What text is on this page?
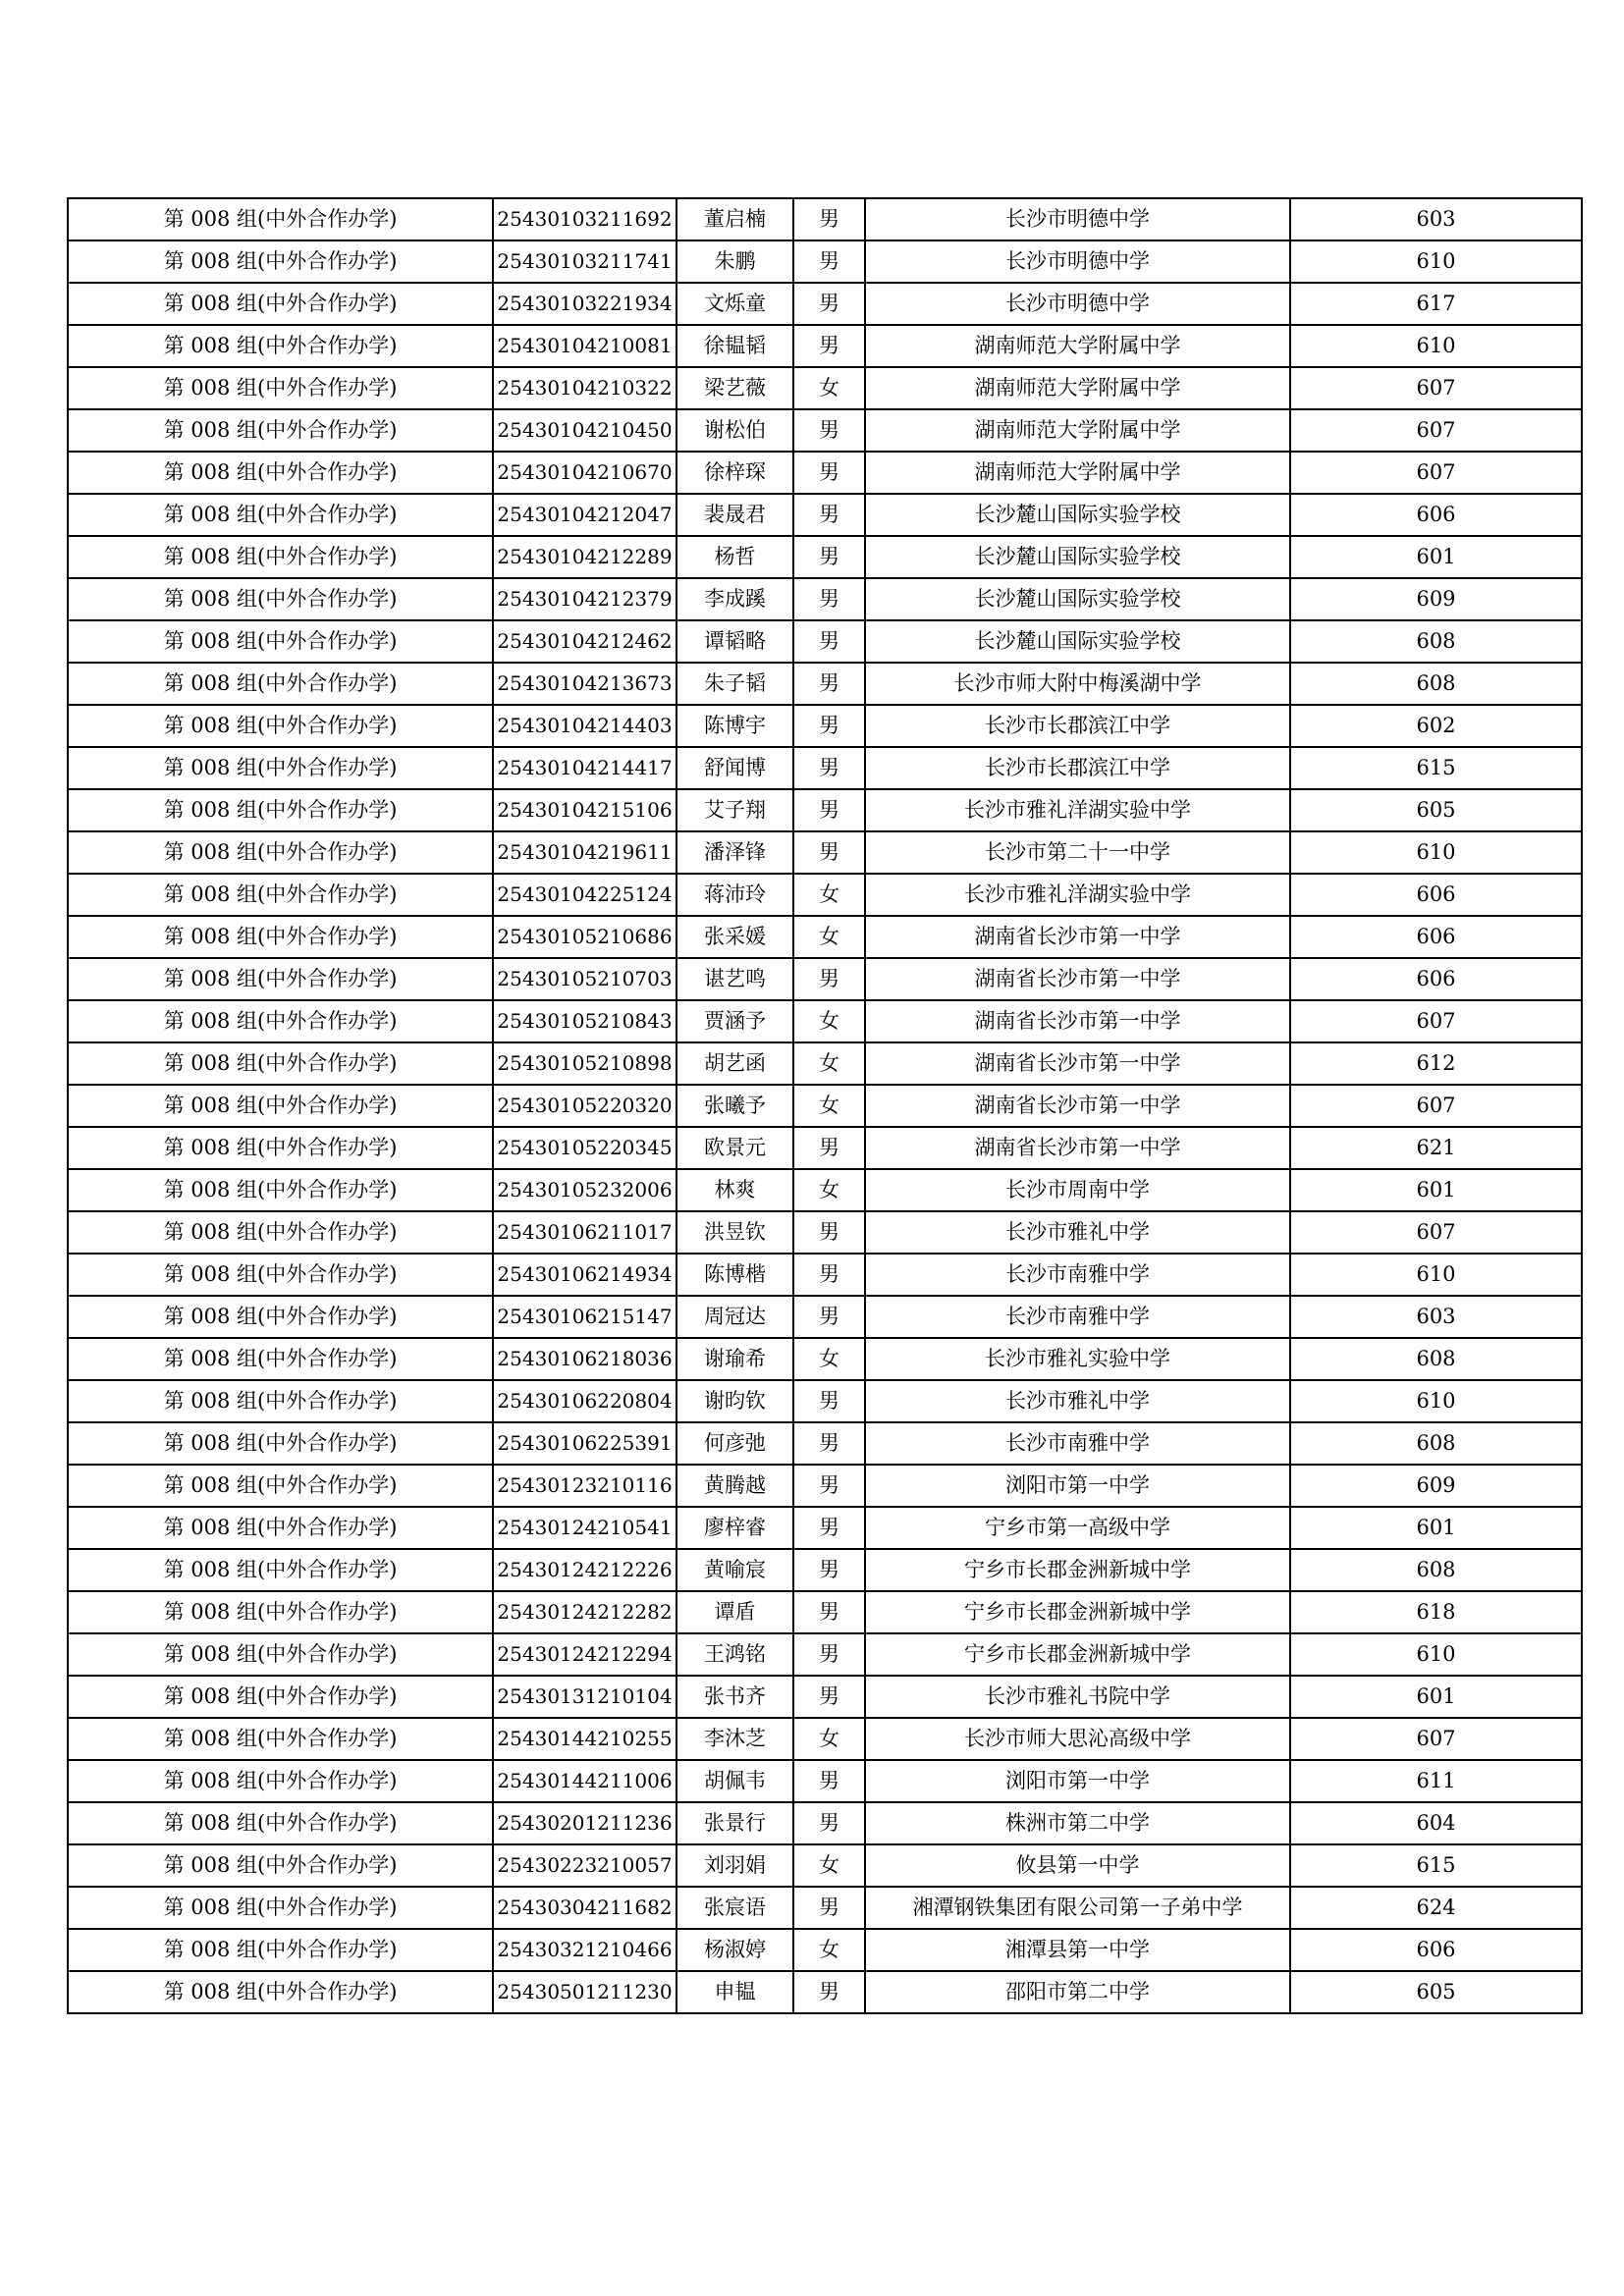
第 008 组(中外合作办学)	25430103211692	董启楠	男	长沙市明德中学	603
第 008 组(中外合作办学)	25430103211741	朱鹏	男	长沙市明德中学	610
第 008 组(中外合作办学)	25430103221934	文烁童	男	长沙市明德中学	617
第 008 组(中外合作办学)	25430104210081	徐韫韬	男	湖南师范大学附属中学	610
第 008 组(中外合作办学)	25430104210322	梁艺薇	女	湖南师范大学附属中学	607
第 008 组(中外合作办学)	25430104210450	谢松伯	男	湖南师范大学附属中学	607
第 008 组(中外合作办学)	25430104210670	徐梓琛	男	湖南师范大学附属中学	607
第 008 组(中外合作办学)	25430104212047	裴晟君	男	长沙麓山国际实验学校	606
第 008 组(中外合作办学)	25430104212289	杨哲	男	长沙麓山国际实验学校	601
第 008 组(中外合作办学)	25430104212379	李成蹊	男	长沙麓山国际实验学校	609
第 008 组(中外合作办学)	25430104212462	谭韬略	男	长沙麓山国际实验学校	608
第 008 组(中外合作办学)	25430104213673	朱子韬	男	长沙市师大附中梅溪湖中学	608
第 008 组(中外合作办学)	25430104214403	陈博宇	男	长沙市长郡滨江中学	602
第 008 组(中外合作办学)	25430104214417	舒闻博	男	长沙市长郡滨江中学	615
第 008 组(中外合作办学)	25430104215106	艾子翔	男	长沙市雅礼洋湖实验中学	605
第 008 组(中外合作办学)	25430104219611	潘泽锋	男	长沙市第二十一中学	610
第 008 组(中外合作办学)	25430104225124	蒋沛玲	女	长沙市雅礼洋湖实验中学	606
第 008 组(中外合作办学)	25430105210686	张采媛	女	湖南省长沙市第一中学	606
第 008 组(中外合作办学)	25430105210703	谌艺鸣	男	湖南省长沙市第一中学	606
第 008 组(中外合作办学)	25430105210843	贾涵予	女	湖南省长沙市第一中学	607
第 008 组(中外合作办学)	25430105210898	胡艺函	女	湖南省长沙市第一中学	612
第 008 组(中外合作办学)	25430105220320	张曦予	女	湖南省长沙市第一中学	607
第 008 组(中外合作办学)	25430105220345	欧景元	男	湖南省长沙市第一中学	621
第 008 组(中外合作办学)	25430105232006	林爽	女	长沙市周南中学	601
第 008 组(中外合作办学)	25430106211017	洪昱钦	男	长沙市雅礼中学	607
第 008 组(中外合作办学)	25430106214934	陈博楷	男	长沙市南雅中学	610
第 008 组(中外合作办学)	25430106215147	周冠达	男	长沙市南雅中学	603
第 008 组(中外合作办学)	25430106218036	谢瑜希	女	长沙市雅礼实验中学	608
第 008 组(中外合作办学)	25430106220804	谢昀钦	男	长沙市雅礼中学	610
第 008 组(中外合作办学)	25430106225391	何彦弛	男	长沙市南雅中学	608
第 008 组(中外合作办学)	25430123210116	黄腾越	男	浏阳市第一中学	609
第 008 组(中外合作办学)	25430124210541	廖梓睿	男	宁乡市第一高级中学	601
第 008 组(中外合作办学)	25430124212226	黄喻宸	男	宁乡市长郡金洲新城中学	608
第 008 组(中外合作办学)	25430124212282	谭盾	男	宁乡市长郡金洲新城中学	618
第 008 组(中外合作办学)	25430124212294	王鸿铭	男	宁乡市长郡金洲新城中学	610
第 008 组(中外合作办学)	25430131210104	张书齐	男	长沙市雅礼书院中学	601
第 008 组(中外合作办学)	25430144210255	李沐芝	女	长沙市师大思沁高级中学	607
第 008 组(中外合作办学)	25430144211006	胡佩韦	男	浏阳市第一中学	611
第 008 组(中外合作办学)	25430201211236	张景行	男	株洲市第二中学	604
第 008 组(中外合作办学)	25430223210057	刘羽娟	女	攸县第一中学	615
第 008 组(中外合作办学)	25430304211682	张宸语	男	湘潭钢铁集团有限公司第一子弟中学	624
第 008 组(中外合作办学)	25430321210466	杨淑婷	女	湘潭县第一中学	606
第 008 组(中外合作办学)	25430501211230	申韫	男	邵阳市第二中学	605
